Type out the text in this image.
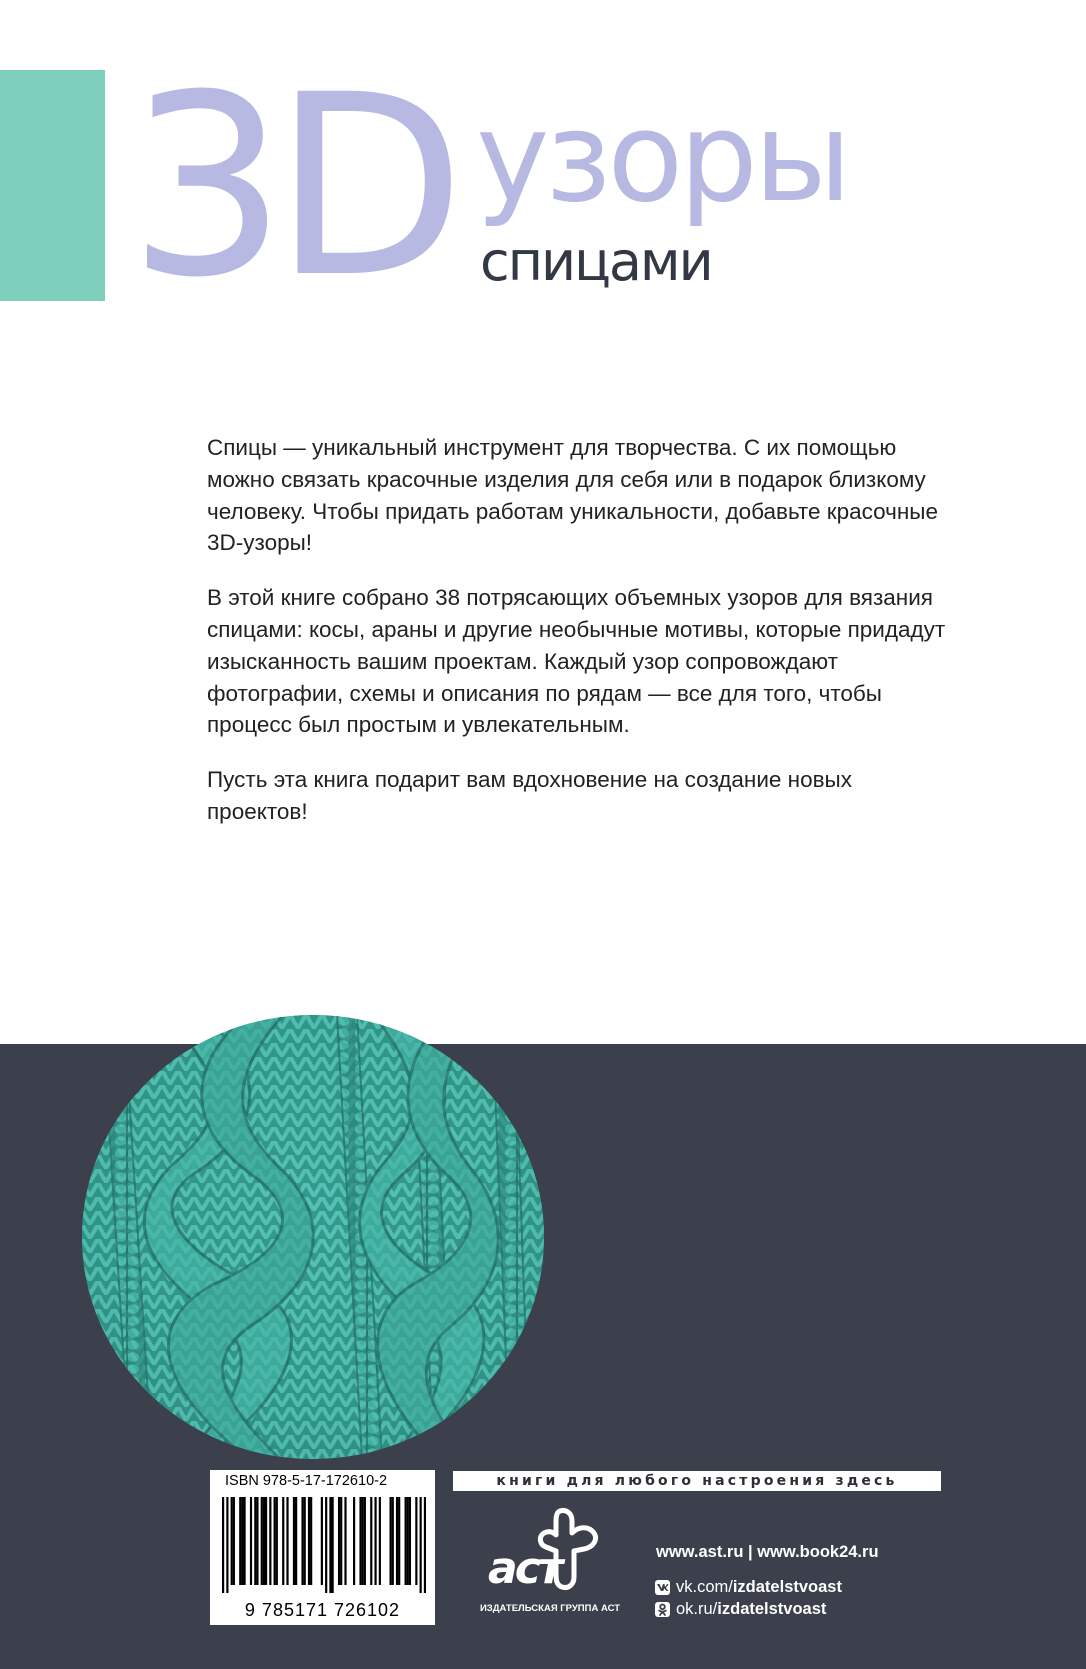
3D узоры
спицами

Спицы — уникальный инструмент для творчества. С их помощью можно связать красочные изделия для себя или в подарок близкому человеку. Чтобы придать работам уникальности, добавьте красочные 3D-узоры!

В этой книге собрано 38 потрясающих объемных узоров для вязания спицами: косы, араны и другие необычные мотивы, которые придадут изысканность вашим проектам. Каждый узор сопровождают фотографии, схемы и описания по рядам — все для того, чтобы процесс был простым и увлекательным.

Пусть эта книга подарит вам вдохновение на создание новых проектов!

ISBN 978-5-17-172610-2
9 785171 726102
книги для любого настроения здесь
аст
ИЗДАТЕЛЬСКАЯ ГРУППА АСТ
www.ast.ru | www.book24.ru
vk.com/ izdatelstvoast
ok.ru/ izdatelstvoast
